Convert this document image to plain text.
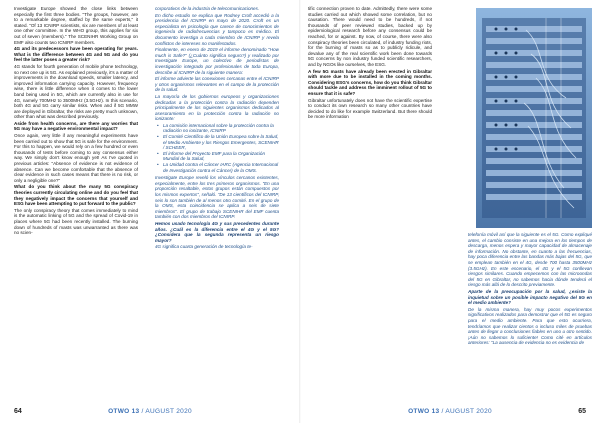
Investigate Europe showed the close links between especially the first three bodies. "The groups, however, are to a remarkable degree, staffed by the same experts," it stated. "Of 13 ICNIRP scientists, six are members of at least one other committee. In the WHO group, this applies for six out of seven (members)." The SCENIHR Working Group on EMF also counts two ICNIRP members.

4G and its predecessors have been operating for years. What is the difference between 4G and 5G and do you feel the latter poses a greater risk?

4G stands for fourth generation of mobile phone technology, so next one up is 5G. As explained previously, it's a matter of improvements in the download speeds, smaller latency, and improved information carrying capacity. However, frequency wise, there is little difference when it comes to the lower band being used in 5G, which are currently also in use for 4G, namely 700MHz to 3500MHz (3.5GHz). In this scenario, both 4G and 5G carry similar risks. When and if 5G MMW are deployed in Gibraltar, the risks are pretty much unknown, other than what was described previously.

Aside from health concerns, are there any worries that 5G may have a negative environmental impact?

Once again, very little if any meaningful experiments have been carried out to show that 5G is safe for the environment. For this to happen, we would rely on a few hundred or even thousands of tests before coming to any consensus either way. We simply don't know enough yet! As I've quoted in previous articles: "Absence of evidence is not evidence of absence. Can we become comfortable that the absence of clear evidence in such cases means that there is no risk, or only a negligible one?"

What do you think about the many 5G conspiracy theories currently circulating online and do you feel that they negatively impact the concerns that yourself and ESG have been attempting to put forward to the public?

The only conspiracy theory that comes immediately to mind is the automatic linking of 5G and the spread of Covid-19 in places where 5G had been recently installed. The burning down of hundreds of masts was unwarranted as there was no scien-

corporativos de la industria de telecomunicaciones.

En dicho estudio se explica que Rodney Croft accedió a la presidencia del ICNIRP en mayo de 2020. Croft es un especialista en psicología que carece de conocimientos de ingeniería de radiofrecuencias y tampoco es médico. El documento investiga a cada miembro de ICNIRP y revela conflictos de intereses no manifestados.

Finalmente, en enero de 2019 el informe denominado "How much is Safe?" (¿Cuánto significa seguro?) y realizado por Investigate Europe, un colectivo de periodistas de investigación integrado por profesionales de toda Europa, describe al ICNIRP de la siguiente manera:

El informe advierte las conexiones cercanas entre el ICNIRP y otros organismos relevantes en el campo de la protección de la salud.

La mayoría de los gobiernos europeos y organizaciones dedicadas a la protección contra la radiación dependen principalmente de los siguientes organismos dedicados al asesoramiento en la protección contra la radiación no ionizante:

• La comisión internacional sobre la protección contra la radiación no ionizante, ICNIRP
• El Comité Científico de la Unión Europea sobre la Salud, el Medio Ambiente y los Riesgos Emergentes, SCENIHR / SCHEER,
• El informe del Proyecto EMF para la Organización Mundial de la Salud,
• La Unidad contra el Cáncer IARC (Agencia Internacional de Investigación contra el Cáncer) de la OMS.

Investigate Europe reveló los vínculos cercanos existentes, especialmente, entre los tres primeros organismos. "En una proporción resaltable, estos grupos están compuestos por los mismos expertos", señaló. "De 13 científicos del ICNIRP, seis lo son también de al menos otro comité. En el grupo de la OMS, esta coincidencia se aplica a seis de siete miembros". El grupo de trabajo SCENIHR del EMF cuenta también con dos miembros del ICNIRP.

Hemos usado tecnología 4G y sus precedentes durante años. ¿Cuál es la diferencia entre el 4G y el 5G? ¿Considera que la segunda representa un riesgo mayor?

4G significa cuarta generación de tecnología te-

64	OTWO 13 / AUGUST 2020

tific connection proven to date. Admittedly, there were some studies carried out which showed some correlation, but no causation. There would need to be hundreds, if not thousands of peer reviewed studies, backed up by epidemiological research before any consensus could be reached, for or against. By now, of course, there were also conspiracy theories been circulated, of industry funding riots, for the burning of masts so as to publicly ridicule, and devalue any of the real scientific work been done towards 5G concerns by non industry funded scientific researchers, and by NGOs like ourselves, the ESG.

A few 5G masts have already been erected in Gibraltar with more due to be installed in the coming months. Considering ESG's concerns, how do you think Gibraltar should tackle and address the imminent rollout of 5G to ensure that it is safe?

Gibraltar unfortunately does not have the scientific expertise to conduct its own research so many other countries have decided to do like for example Switzerland. But there should be more information

telefonía móvil así que la siguiente es el 5G. Como expliqué antes, el cambio consiste en una mejora en los tiempos de descarga, menos espera y mayor capacidad de almacenaje de información. No obstante, en cuanto a las frecuencias, hay poca diferencia entre las bandas más bajas del 5G, que se emplean también en el 4G, desde 700 hasta 3500MHz (3.5GHz). En este escenario, el 4G y el 5G conllevan riesgos similares. Cuando empecemos con las microondas del 5G en Gibraltar, no sabemos hacia dónde tenderá el riesgo más allá de lo descrito previamente.

Aparte de la preocupación por la salud, ¿existe la inquietud sobre un posible impacto negativo del 5G en el medio ambiente?

De la misma manera, hay muy pocos experimentos significativos realizados para demostrar que el 5G es seguro para el medio ambiente. Para que esto ocurriera, tendríamos que realizar cientos o incluso miles de pruebas antes de llegar a conclusiones fiables en uno u otro sentido. ¡Aún no sabemos lo suficiente! Como cité en artículos anteriores: "La ausencia de evidencia no es evidencia de

65
OTWO 13 / AUGUST 2020
